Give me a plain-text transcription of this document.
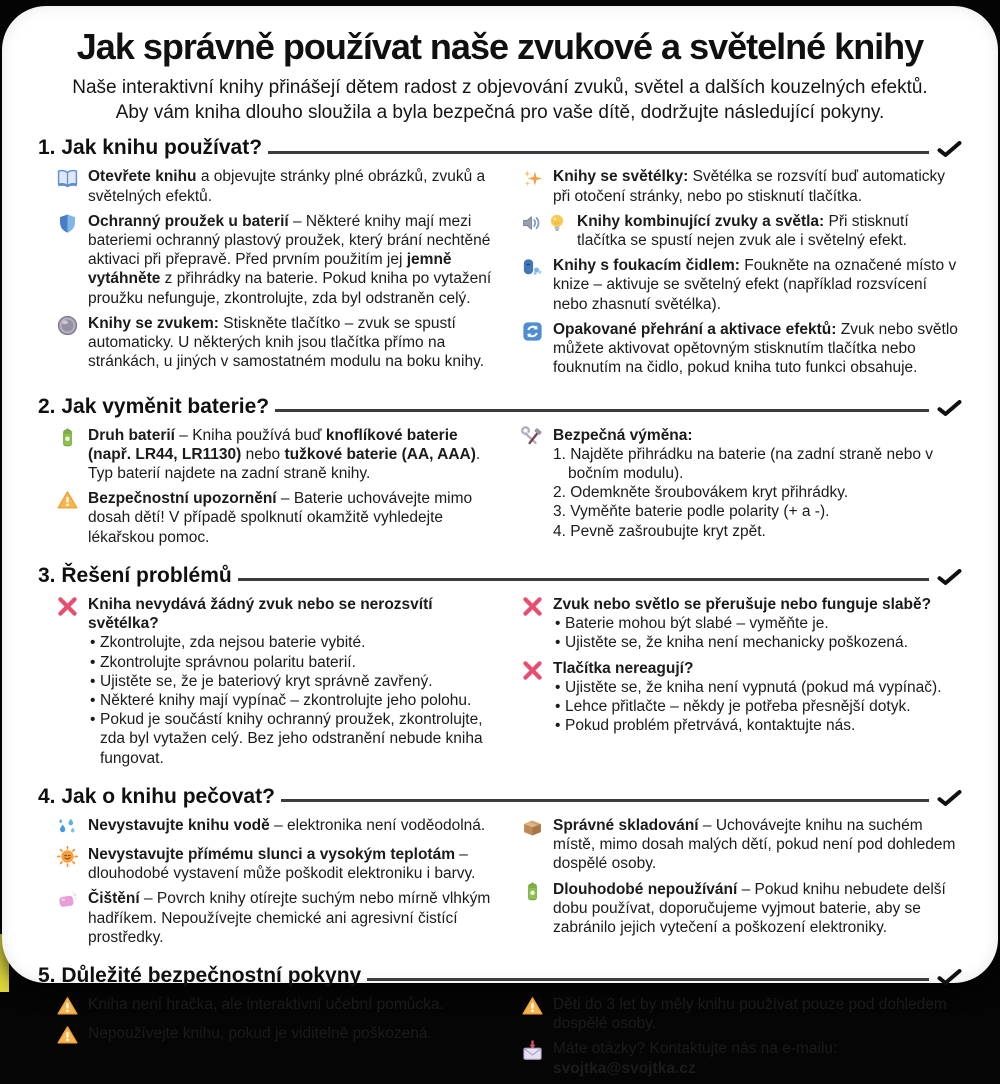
Jak správně používat naše zvukové a světelné knihy
Naše interaktivní knihy přinášejí dětem radost z objevování zvuků, světel a dalších kouzelných efektů.
Aby vám kniha dlouho sloužila a byla bezpečná pro vaše dítě, dodržujte následující pokyny.
1. Jak knihu používat?
Otevřete knihu a objevujte stránky plné obrázků, zvuků a světelných efektů.
Ochranný proužek u baterií – Některé knihy mají mezi bateriemi ochranný plastový proužek, který brání nechtěné aktivaci při přepravě. Před prvním použitím jej jemně vytáhněte z přihrádky na baterie. Pokud kniha po vytažení proužku nefunguje, zkontrolujte, zda byl odstraněn celý.
Knihy se zvukem: Stiskněte tlačítko – zvuk se spustí automaticky. U některých knih jsou tlačítka přímo na stránkách, u jiných v samostatném modulu na boku knihy.
Knihy se světélky: Světélka se rozsvítí buď automaticky při otočení stránky, nebo po stisknutí tlačítka.
Knihy kombinující zvuky a světla: Při stisknutí tlačítka se spustí nejen zvuk ale i světelný efekt.
Knihy s foukacím čidlem: Foukněte na označené místo v knize – aktivuje se světelný efekt (například rozsvícení nebo zhasnutí světélka).
Opakované přehrání a aktivace efektů: Zvuk nebo světlo můžete aktivovat opětovným stisknutím tlačítka nebo fouknutím na čidlo, pokud kniha tuto funkci obsahuje.
2. Jak vyměnit baterie?
Druh baterií – Kniha používá buď knoflíkové baterie (např. LR44, LR1130) nebo tužkové baterie (AA, AAA). Typ baterií najdete na zadní straně knihy.
Bezpečnostní upozornění – Baterie uchovávejte mimo dosah dětí! V případě spolknutí okamžitě vyhledejte lékařskou pomoc.
Bezpečná výměna:
1. Najděte přihrádku na baterie (na zadní straně nebo v bočním modulu).
2. Odemkněte šroubovákem kryt přihrádky.
3. Vyměňte baterie podle polarity (+ a -).
4. Pevně zašroubujte kryt zpět.
3. Řešení problémů
Kniha nevydává žádný zvuk nebo se nerozsvítí světélka?
• Zkontrolujte, zda nejsou baterie vybité.
• Zkontrolujte správnou polaritu baterií.
• Ujistěte se, že je bateriový kryt správně zavřený.
• Některé knihy mají vypínač – zkontrolujte jeho polohu.
• Pokud je součástí knihy ochranný proužek, zkontrolujte, zda byl vytažen celý. Bez jeho odstranění nebude kniha fungovat.
Zvuk nebo světlo se přerušuje nebo funguje slabě?
• Baterie mohou být slabé – vyměňte je.
• Ujistěte se, že kniha není mechanicky poškozená.
Tlačítka nereagují?
• Ujistěte se, že kniha není vypnutá (pokud má vypínač).
• Lehce přitlačte – někdy je potřeba přesnější dotyk.
• Pokud problém přetrvává, kontaktujte nás.
4. Jak o knihu pečovat?
Nevystavujte knihu vodě – elektronika není voděodolná.
Nevystavujte přímému slunci a vysokým teplotám – dlouhodobé vystavení může poškodit elektroniku i barvy.
Čištění – Povrch knihy otírejte suchým nebo mírně vlhkým hadříkem. Nepoužívejte chemické ani agresivní čistící prostředky.
Správné skladování – Uchovávejte knihu na suchém místě, mimo dosah malých dětí, pokud není pod dohledem dospělé osoby.
Dlouhodobé nepoužívání – Pokud knihu nebudete delší dobu používat, doporučujeme vyjmout baterie, aby se zabránilo jejich vytečení a poškození elektroniky.
5. Důležité bezpečnostní pokyny
Kniha není hračka, ale interaktivní učební pomůcka.
Nepoužívejte knihu, pokud je viditelně poškozená.
Děti do 3 let by měly knihu používat pouze pod dohledem dospělé osoby.
Máte otázky? Kontaktujte nás na e-mailu: svojtka@svojtka.cz
